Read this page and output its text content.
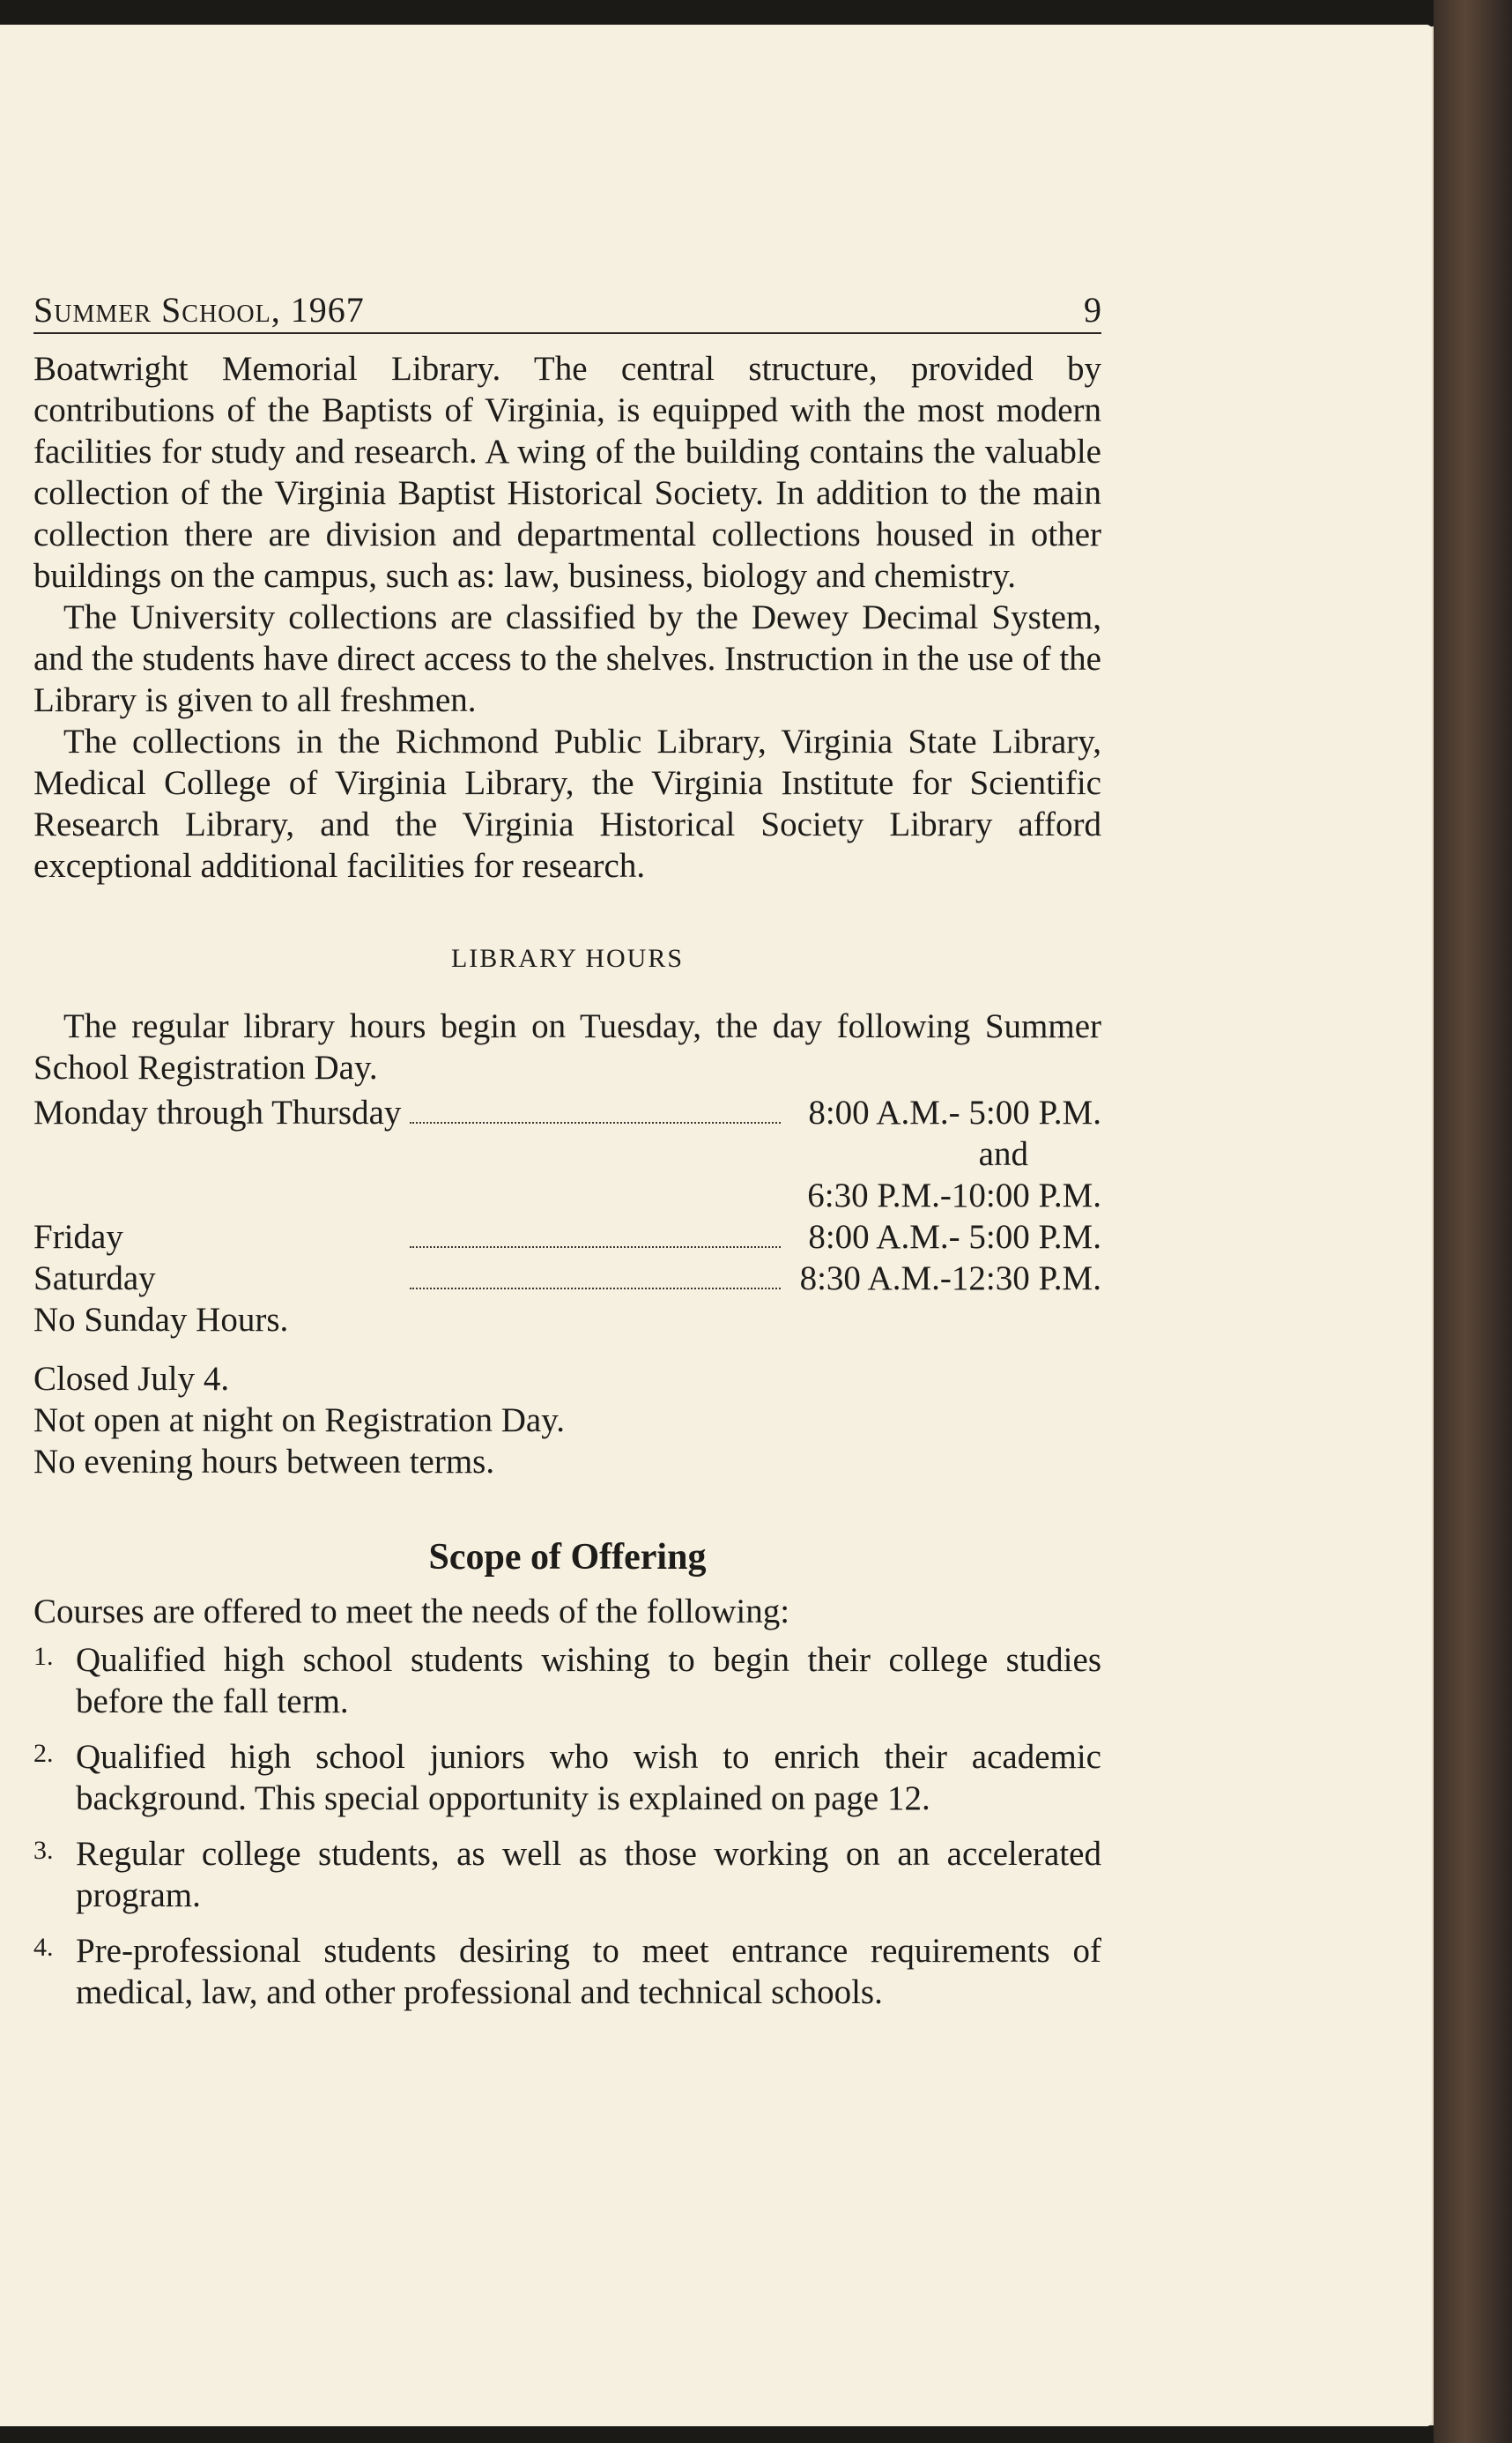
Summer School, 1967	9

Boatwright Memorial Library. The central structure, provided by contributions of the Baptists of Virginia, is equipped with the most modern facilities for study and research. A wing of the building contains the valuable collection of the Virginia Baptist Historical Society. In addition to the main collection there are division and departmental collections housed in other buildings on the campus, such as: law, business, biology and chemistry.

The University collections are classified by the Dewey Decimal System, and the students have direct access to the shelves. Instruction in the use of the Library is given to all freshmen.

The collections in the Richmond Public Library, Virginia State Library, Medical College of Virginia Library, the Virginia Institute for Scientific Research Library, and the Virginia Historical Society Library afford exceptional additional facilities for research.

LIBRARY HOURS

The regular library hours begin on Tuesday, the day following Summer School Registration Day.

Monday through Thursday		8:00 A.M.- 5:00 P.M.
		and
		6:30 P.M.-10:00 P.M.
Friday		8:00 A.M.- 5:00 P.M.
Saturday		8:30 A.M.-12:30 P.M.
No Sunday Hours.
Closed July 4.
Not open at night on Registration Day.
No evening hours between terms.
Scope of Offering

Courses are offered to meet the needs of the following:

1. Qualified high school students wishing to begin their college studies before the fall term.
2. Qualified high school juniors who wish to enrich their academic background. This special opportunity is explained on page 12.
3. Regular college students, as well as those working on an accelerated program.
4. Pre-professional students desiring to meet entrance requirements of medical, law, and other professional and technical schools.
